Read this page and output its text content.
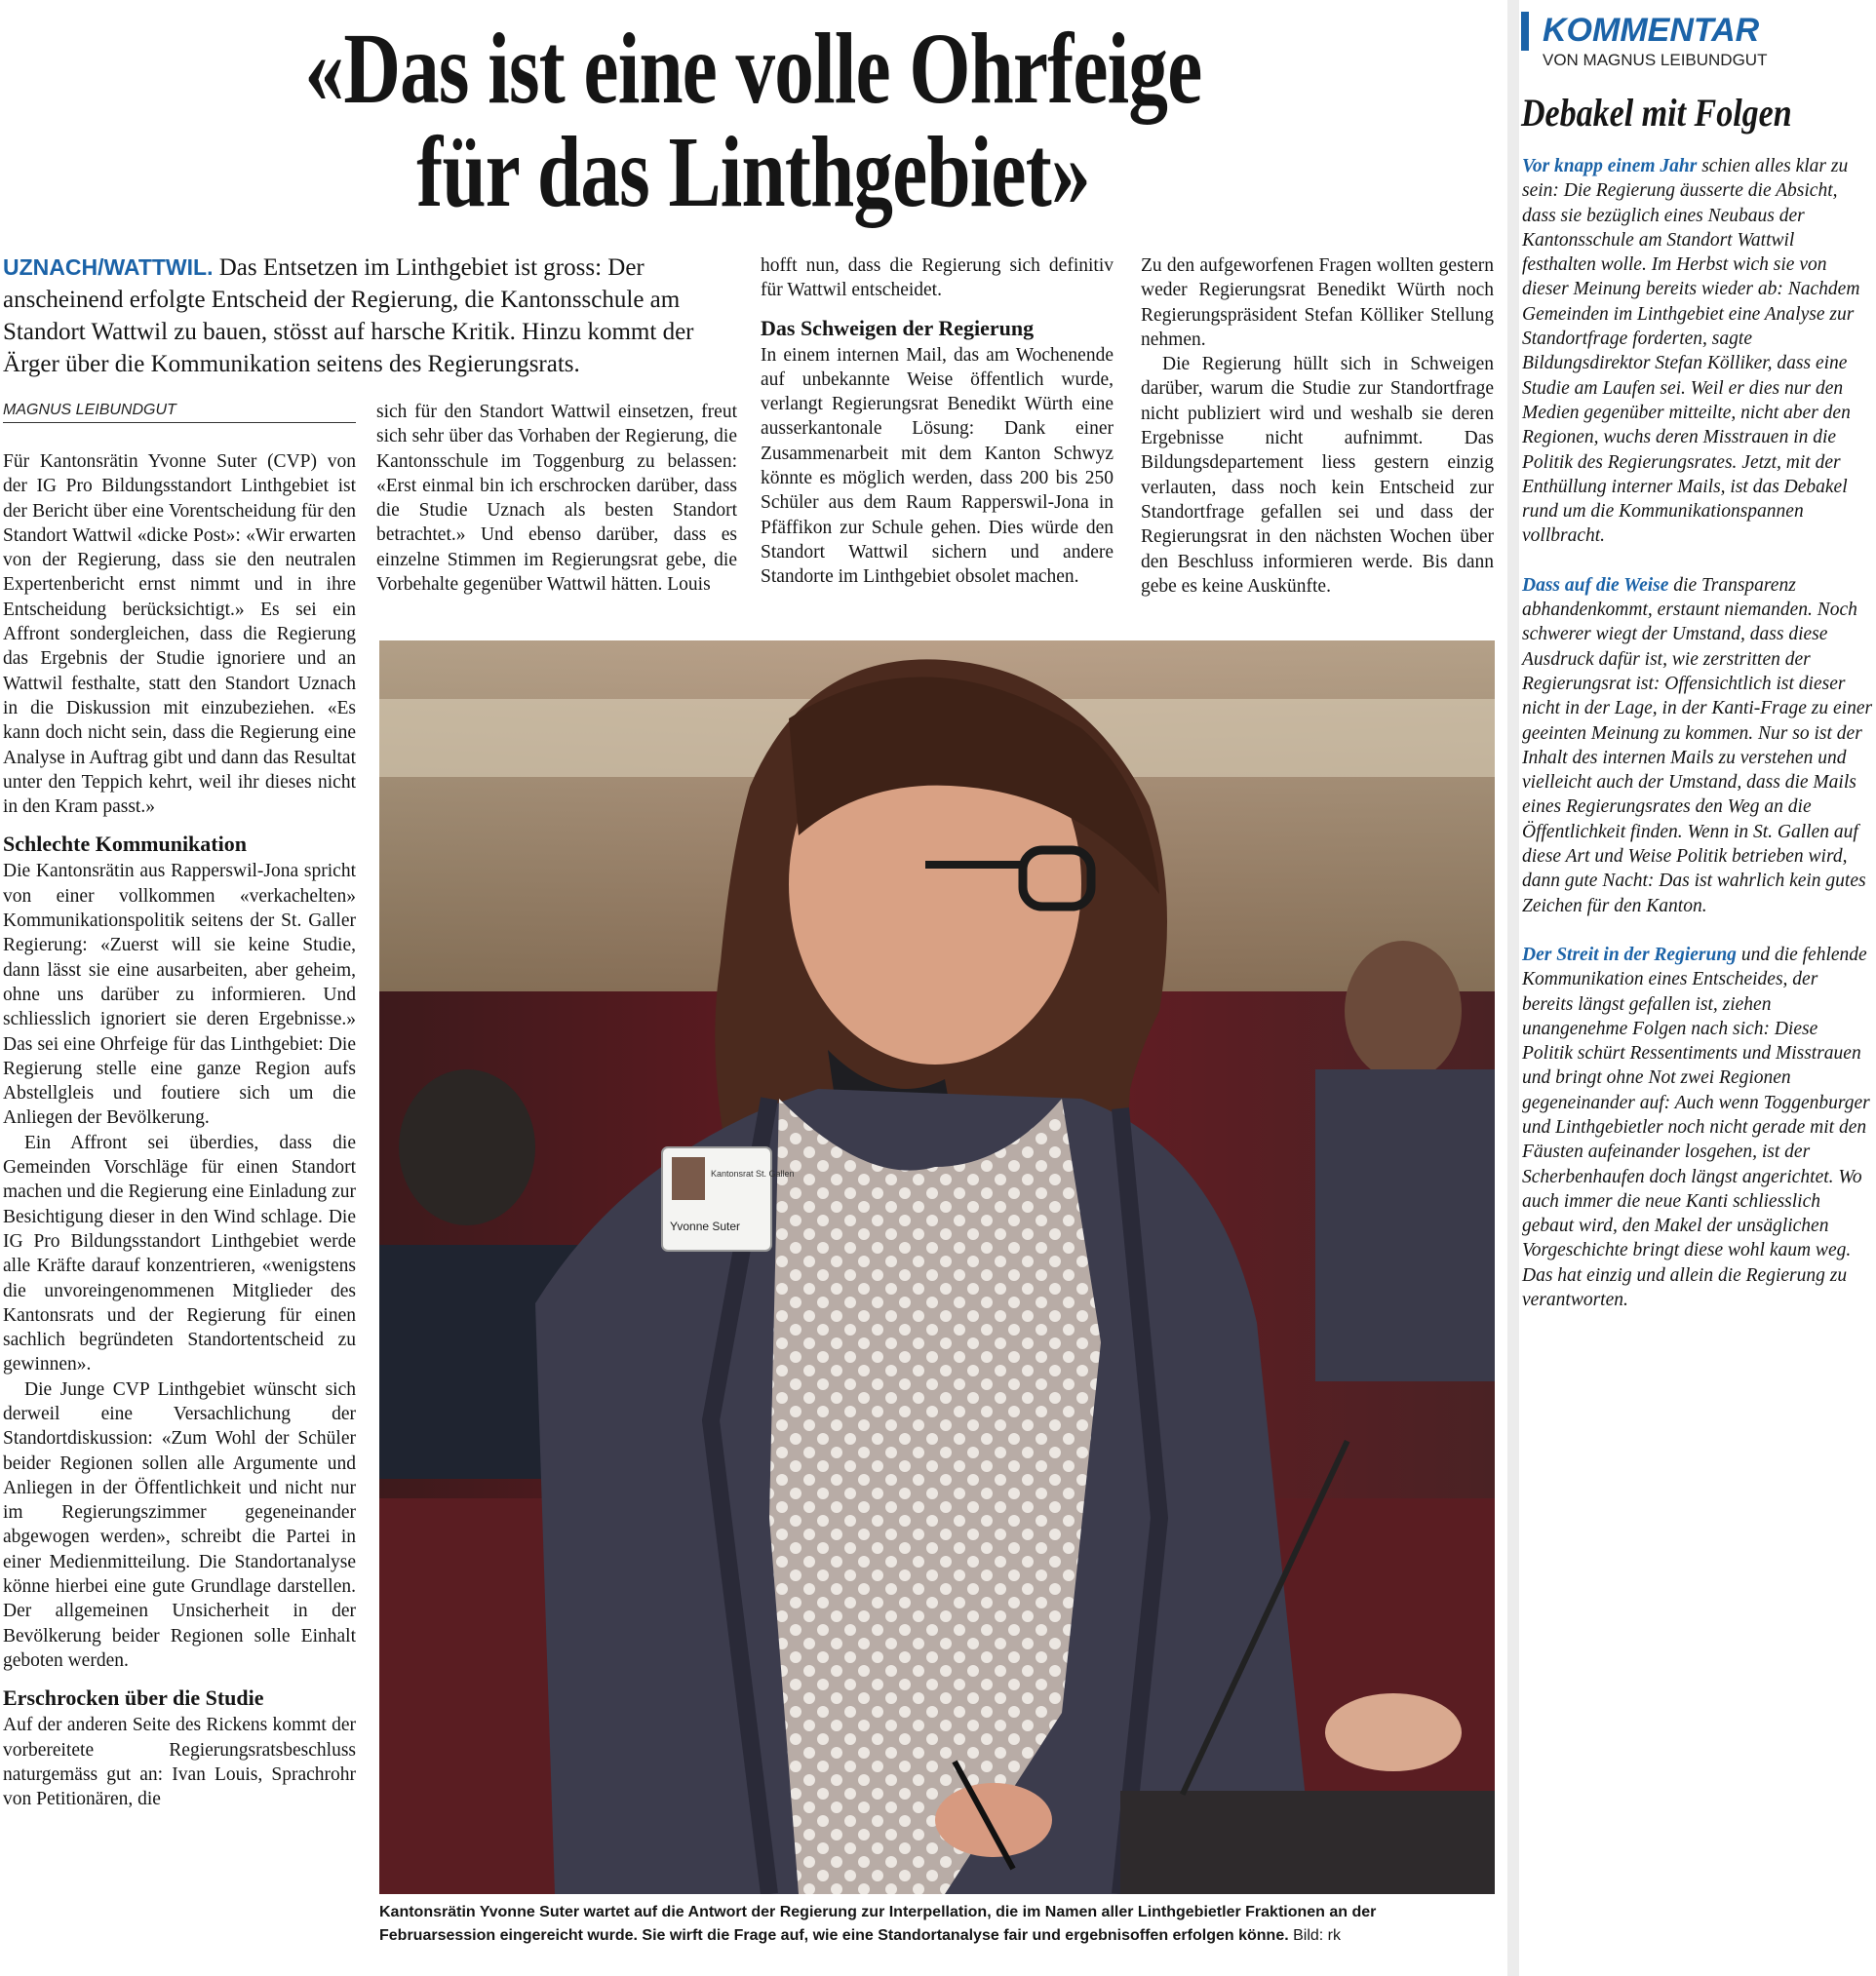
«Das ist eine volle Ohrfeige
für das Linthgebiet»
UZNACH/WATTWIL. Das Entsetzen im Linthgebiet ist gross: Der anscheinend erfolgte Entscheid der Regierung, die Kantonsschule am Standort Wattwil zu bauen, stösst auf harsche Kritik. Hinzu kommt der Ärger über die Kommunikation seitens des Regierungsrats.
MAGNUS LEIBUNDGUT

Für Kantonsrätin Yvonne Suter (CVP) von der IG Pro Bildungsstandort Linthgebiet ist der Bericht über eine Vorentscheidung für den Standort Wattwil «dicke Post»: «Wir erwarten von der Regierung, dass sie den neutralen Expertenbericht ernst nimmt und in ihre Entscheidung berücksichtigt.» Es sei ein Affront sondergleichen, dass die Regierung das Ergebnis der Studie ignoriere und an Wattwil festhalte, statt den Standort Uznach in die Diskussion mit einzubeziehen. «Es kann doch nicht sein, dass die Regierung eine Analyse in Auftrag gibt und dann das Resultat unter den Teppich kehrt, weil ihr dieses nicht in den Kram passt.»

Schlechte Kommunikation

Die Kantonsrätin aus Rapperswil-Jona spricht von einer vollkommen «verkachelten» Kommunikationspolitik seitens der St. Galler Regierung: «Zuerst will sie keine Studie, dann lässt sie eine ausarbeiten, aber geheim, ohne uns darüber zu informieren. Und schliesslich ignoriert sie deren Ergebnisse.» Das sei eine Ohrfeige für das Linthgebiet: Die Regierung stelle eine ganze Region aufs Abstellgleis und foutiere sich um die Anliegen der Bevölkerung.

Ein Affront sei überdies, dass die Gemeinden Vorschläge für einen Standort machen und die Regierung eine Einladung zur Besichtigung dieser in den Wind schlage. Die IG Pro Bildungsstandort Linthgebiet werde alle Kräfte darauf konzentrieren, «wenigstens die unvoreingenommenen Mitglieder des Kantonsrats und der Regierung für einen sachlich begründeten Standortentscheid zu gewinnen».

Die Junge CVP Linthgebiet wünscht sich derweil eine Versachlichung der Standortdiskussion: «Zum Wohl der Schüler beider Regionen sollen alle Argumente und Anliegen in der Öffentlichkeit und nicht nur im Regierungszimmer gegeneinander abgewogen werden», schreibt die Partei in einer Medienmitteilung. Die Standortanalyse könne hierbei eine gute Grundlage darstellen. Der allgemeinen Unsicherheit in der Bevölkerung beider Regionen solle Einhalt geboten werden.

Erschrocken über die Studie

Auf der anderen Seite des Rickens kommt der vorbereitete Regierungsratsbeschluss naturgemäss gut an: Ivan Louis, Sprachrohr von Petitionären, die

sich für den Standort Wattwil einsetzen, freut sich sehr über das Vorhaben der Regierung, die Kantonsschule im Toggenburg zu belassen: «Erst einmal bin ich erschrocken darüber, dass die Studie Uznach als besten Standort betrachtet.» Und ebenso darüber, dass es einzelne Stimmen im Regierungsrat gebe, die Vorbehalte gegenüber Wattwil hätten. Louis

hofft nun, dass die Regierung sich definitiv für Wattwil entscheidet.

Das Schweigen der Regierung

In einem internen Mail, das am Wochenende auf unbekannte Weise öffentlich wurde, verlangt Regierungsrat Benedikt Würth eine ausserkantonale Lösung: Dank einer Zusammenarbeit mit dem Kanton Schwyz könnte es möglich werden, dass 200 bis 250 Schüler aus dem Raum Rapperswil-Jona in Pfäffikon zur Schule gehen. Dies würde den Standort Wattwil sichern und andere Standorte im Linthgebiet obsolet machen.

Zu den aufgeworfenen Fragen wollten gestern weder Regierungsrat Benedikt Würth noch Regierungspräsident Stefan Kölliker Stellung nehmen.

Die Regierung hüllt sich in Schweigen darüber, warum die Studie zur Standortfrage nicht publiziert wird und weshalb sie deren Ergebnisse nicht aufnimmt. Das Bildungsdepartement liess gestern einzig verlauten, dass noch kein Entscheid zur Standortfrage gefallen sei und dass der Regierungsrat in den nächsten Wochen über den Beschluss informieren werde. Bis dann gebe es keine Auskünfte.

Kantonsrat St. Gallen
Yvonne Suter
Kantonsrätin Yvonne Suter wartet auf die Antwort der Regierung zur Interpellation, die im Namen aller Linthgebietler Fraktionen an der Februarsession eingereicht wurde. Sie wirft die Frage auf, wie eine Standortanalyse fair und ergebnisoffen erfolgen könne. Bild: rk
KOMMENTAR
VON MAGNUS LEIBUNDGUT
Debakel mit Folgen

Vor knapp einem Jahr schien alles klar zu sein: Die Regierung äusserte die Absicht, dass sie bezüglich eines Neubaus der Kantonsschule am Standort Wattwil festhalten wolle. Im Herbst wich sie von dieser Meinung bereits wieder ab: Nachdem Gemeinden im Linthgebiet eine Analyse zur Standortfrage forderten, sagte Bildungsdirektor Stefan Kölliker, dass eine Studie am Laufen sei. Weil er dies nur den Medien gegenüber mitteilte, nicht aber den Regionen, wuchs deren Misstrauen in die Politik des Regierungsrates. Jetzt, mit der Enthüllung interner Mails, ist das Debakel rund um die Kommunikationspannen vollbracht.

Dass auf die Weise die Transparenz abhandenkommt, erstaunt niemanden. Noch schwerer wiegt der Umstand, dass diese Ausdruck dafür ist, wie zerstritten der Regierungsrat ist: Offensichtlich ist dieser nicht in der Lage, in der Kanti-Frage zu einer geeinten Meinung zu kommen. Nur so ist der Inhalt des internen Mails zu verstehen und vielleicht auch der Umstand, dass die Mails eines Regierungsrates den Weg an die Öffentlichkeit finden. Wenn in St. Gallen auf diese Art und Weise Politik betrieben wird, dann gute Nacht: Das ist wahrlich kein gutes Zeichen für den Kanton.

Der Streit in der Regierung und die fehlende Kommunikation eines Entscheides, der bereits längst gefallen ist, ziehen unangenehme Folgen nach sich: Diese Politik schürt Ressentiments und Misstrauen und bringt ohne Not zwei Regionen gegeneinander auf: Auch wenn Toggenburger und Linthgebietler noch nicht gerade mit den Fäusten aufeinander losgehen, ist der Scherbenhaufen doch längst angerichtet. Wo auch immer die neue Kanti schliesslich gebaut wird, den Makel der unsäglichen Vorgeschichte bringt diese wohl kaum weg. Das hat einzig und allein die Regierung zu verantworten.
